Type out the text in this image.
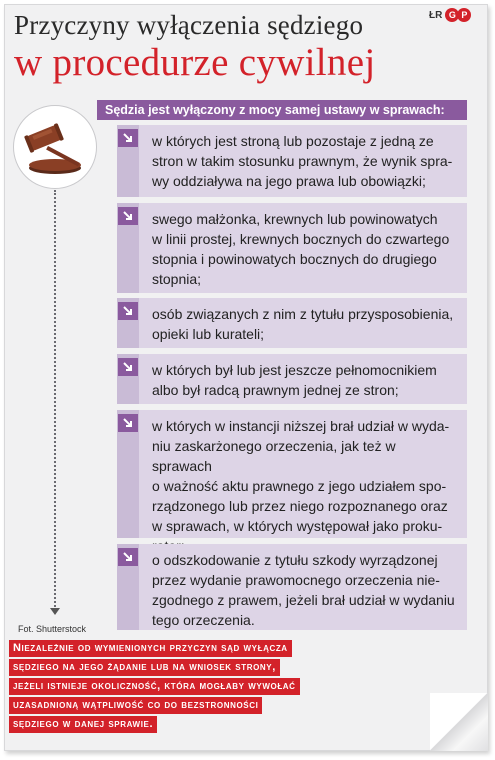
Przyczyny wyłączenia sędziego
w procedurze cywilnej
ŁR G P
Fot. Shutterstock
Sędzia jest wyłączony z mocy samej ustawy w sprawach:
w których jest stroną lub pozostaje z jedną ze
stron w takim stosunku prawnym, że wynik spra-
wy oddziaływa na jego prawa lub obowiązki;
swego małżonka, krewnych lub powinowatych
w linii prostej, krewnych bocznych do czwartego
stopnia i powinowatych bocznych do drugiego
stopnia;
osób związanych z nim z tytułu przysposobienia,
opieki lub kurateli;
w których był lub jest jeszcze pełnomocnikiem
albo był radcą prawnym jednej ze stron;
w których w instancji niższej brał udział w wyda-
niu zaskarżonego orzeczenia, jak też w sprawach
o ważność aktu prawnego z jego udziałem spo-
rządzonego lub przez niego rozpoznanego oraz
w sprawach, w których występował jako proku-
o odszkodowanie z tytułu szkody wyrządzonej
przez wydanie prawomocnego orzeczenia nie-
zgodnego z prawem, jeżeli brał udział w wydaniu
tego orzeczenia.
Niezależnie od wymienionych przyczyn sąd wyłącza
sędziego na jego żądanie lub na wniosek strony,
jeżeli istnieje okoliczność, która mogłaby wywołać
uzasadnioną wątpliwość co do bezstronności
sędziego w danej sprawie.
